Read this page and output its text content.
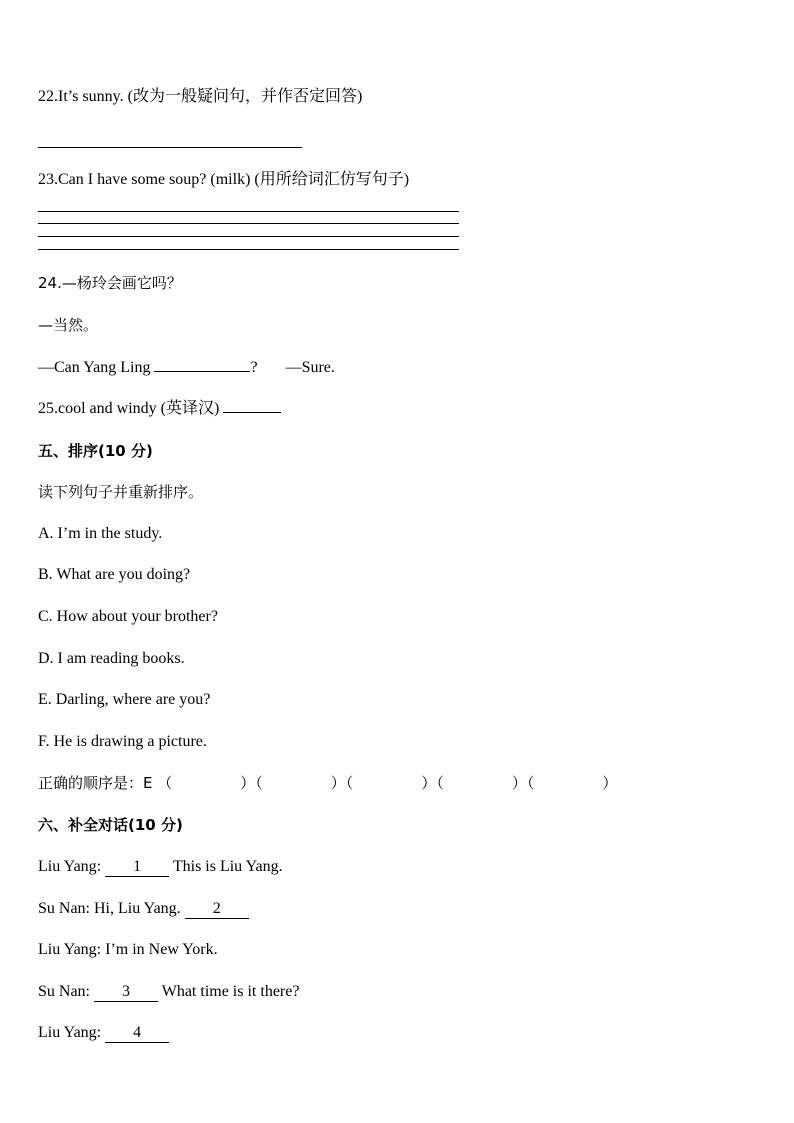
22.It’s sunny. (改为一般疑问句，并作否定回答)
23.Can I have some soup? (milk) (用所给词汇仿写句子)
24.—杨玲会画它吗？
—当然。
—Can Yang Ling	? —Sure.
25.cool and windy (英译汉)
五、排序(10 分)
读下列句子并重新排序。
A. I’m in the study.
B. What are you doing?
C. How about your brother?
D. I am reading books.
E. Darling, where are you?
F. He is drawing a picture.
正确的顺序是：E （	）（	）（	）（	）（	）
六、补全对话(10 分)
Liu Yang: 1 This is Liu Yang.
Su Nan: Hi, Liu Yang. 2
Liu Yang: I’m in New York.
Su Nan: 3 What time is it there?
Liu Yang: 4
